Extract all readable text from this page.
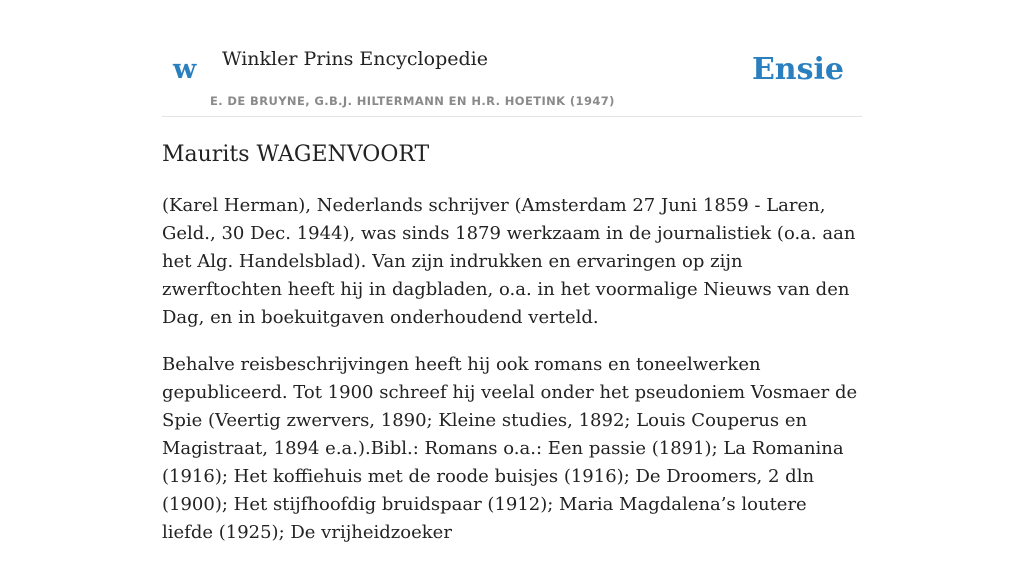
w Winkler Prins Encyclopedie
E. DE BRUYNE, G.B.J. HILTERMANN EN H.R. HOETINK (1947)
Ensie
Maurits WAGENVOORT

(Karel Herman), Nederlands schrijver (Amsterdam 27 Juni 1859 - Laren, Geld., 30 Dec. 1944), was sinds 1879 werkzaam in de journalistiek (o.a. aan het Alg. Handelsblad). Van zijn indrukken en ervaringen op zijn zwerftochten heeft hij in dagbladen, o.a. in het voormalige Nieuws van den Dag, en in boekuitgaven onderhoudend verteld.

Behalve reisbeschrijvingen heeft hij ook romans en toneelwerken gepubliceerd. Tot 1900 schreef hij veelal onder het pseudoniem Vosmaer de Spie (Veertig zwervers, 1890; Kleine studies, 1892; Louis Couperus en Magistraat, 1894 e.a.).Bibl.: Romans o.a.: Een passie (1891); La Romanina (1916); Het koffiehuis met de roode buisjes (1916); De Droomers, 2 dln (1900); Het stijfhoofdig bruidspaar (1912); Maria Magdalena’s loutere liefde (1925); De vrijheidzoeker
